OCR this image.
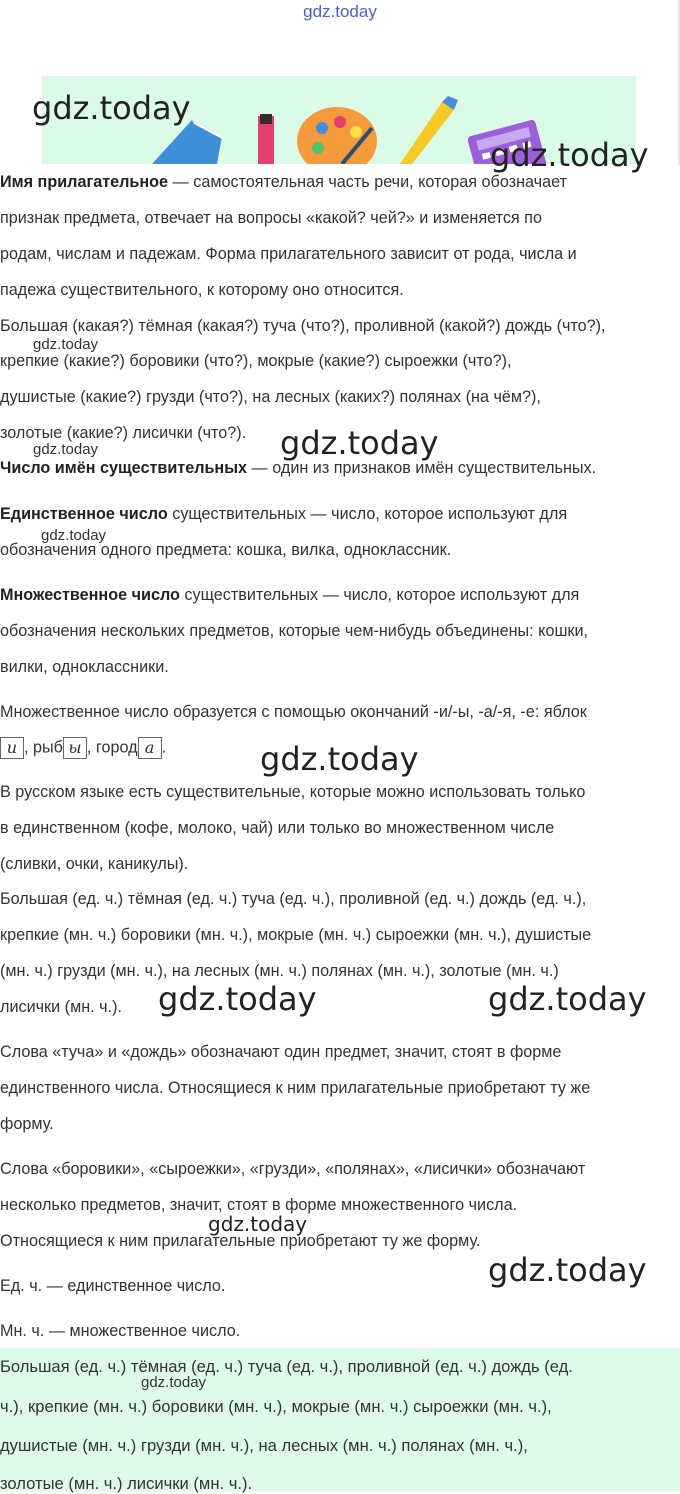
gdz.today
gdz.today
gdz.today
gdz.today
gdz.today
gdz.today	gdz.today
gdz.today
gdz.today
gdz.today
gdz.today
gdz.today
Имя прилагательное — самостоятельная часть речи, которая обозначает
признак предмета, отвечает на вопросы «какой? чей?» и изменяется по
родам, числам и падежам. Форма прилагательного зависит от рода, числа и
падежа существительного, к которому оно относится.
Большая (какая?) тёмная (какая?) туча (что?), проливной (какой?) дождь (что?),
крепкие (какие?) боровики (что?), мокрые (какие?) сыроежки (что?),
душистые (какие?) грузди (что?), на лесных (каких?) полянах (на чём?),
золотые (какие?) лисички (что?).
Число имён существительных — один из признаков имён существительных.
Единственное число существительных — число, которое используют для
обозначения одного предмета: кошка, вилка, одноклассник.
Множественное число существительных — число, которое используют для
обозначения нескольких предметов, которые чем-нибудь объединены: кошки,
вилки, одноклассники.
Множественное число образуется с помощью окончаний -и/-ы, -а/-я, -е: яблок
и , рыб ы , город а .
В русском языке есть существительные, которые можно использовать только
в единственном (кофе, молоко, чай) или только во множественном числе
(сливки, очки, каникулы).
Большая (ед. ч.) тёмная (ед. ч.) туча (ед. ч.), проливной (ед. ч.) дождь (ед. ч.),
крепкие (мн. ч.) боровики (мн. ч.), мокрые (мн. ч.) сыроежки (мн. ч.), душистые
(мн. ч.) грузди (мн. ч.), на лесных (мн. ч.) полянах (мн. ч.), золотые (мн. ч.)
лисички (мн. ч.).
Слова «туча» и «дождь» обозначают один предмет, значит, стоят в форме
единственного числа. Относящиеся к ним прилагательные приобретают ту же
форму.
Слова «боровики», «сыроежки», «грузди», «полянах», «лисички» обозначают
несколько предметов, значит, стоят в форме множественного числа.
Относящиеся к ним прилагательные приобретают ту же форму.
Ед. ч. — единственное число.
Мн. ч. — множественное число.
Большая (ед. ч.) тёмная (ед. ч.) туча (ед. ч.), проливной (ед. ч.) дождь (ед.
ч.), крепкие (мн. ч.) боровики (мн. ч.), мокрые (мн. ч.) сыроежки (мн. ч.),
душистые (мн. ч.) грузди (мн. ч.), на лесных (мн. ч.) полянах (мн. ч.),
золотые (мн. ч.) лисички (мн. ч.).
gdz.today
